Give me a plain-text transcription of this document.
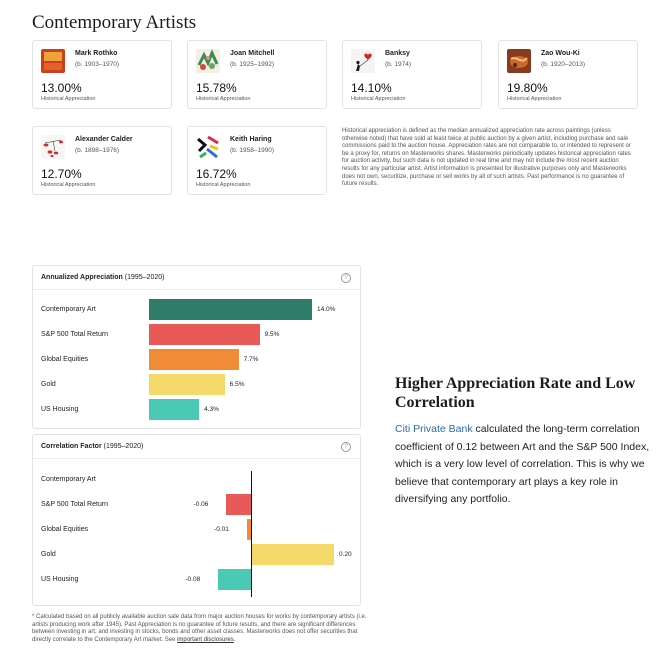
Contemporary Artists
Mark Rothko
(b. 1903–1970)
13.00%
Historical Appreciation
Joan Mitchell
(b. 1925–1992)
15.78%
Historical Appreciation
Banksy
(b. 1974)
14.10%
Historical Appreciation
Zao Wou-Ki
(b. 1920–2013)
19.80%
Historical Appreciation
Alexander Calder
(b. 1898–1976)
12.70%
Historical Appreciation
Keith Haring
(b. 1958–1990)
16.72%
Historical Appreciation

Historical appreciation is defined as the median annualized appreciation rate across paintings (unless otherwise noted) that have sold at least twice at public auction by a given artist, including purchase and sale commissions paid to the auction house. Appreciation rates are not comparable to, or intended to represent or be a proxy for, returns on Masterworks shares. Masterworks periodically updates historical appreciation rates for auction activity, but such data is not updated in real time and may not include the most recent auction results for any particular artist. Artist information is presented for illustrative purposes only and Masterworks does not own, securitize, purchase or sell works by all of such artists. Past performance is no guarantee of future results.

Annualized Appreciation (1995–2020)	?
Contemporary Art	14.0%
S&P 500 Total Return	9.5%
Global Equities	7.7%
Gold	6.5%
US Housing	4.3%
Correlation Factor (1995–2020)	?
Contemporary Art
S&P 500 Total Return	-0.06
Global Equities	-0.01
Gold	0.20
US Housing	-0.08
Higher Appreciation Rate and Low Correlation

Citi Private Bank calculated the long-term correlation coefficient of 0.12 between Art and the S&P 500 Index, which is a very low level of correlation. This is why we believe that contemporary art plays a key role in diversifying any portfolio.

* Calculated based on all publicly available auction sale data from major auction houses for works by contemporary artists (i.e. artists producing work after 1945). Past Appreciation is no guarantee of future results, and there are significant differences between investing in art, and investing in stocks, bonds and other asset classes. Masterworks does not offer securities that directly correlate to the Contemporary Art market. See important disclosures.
